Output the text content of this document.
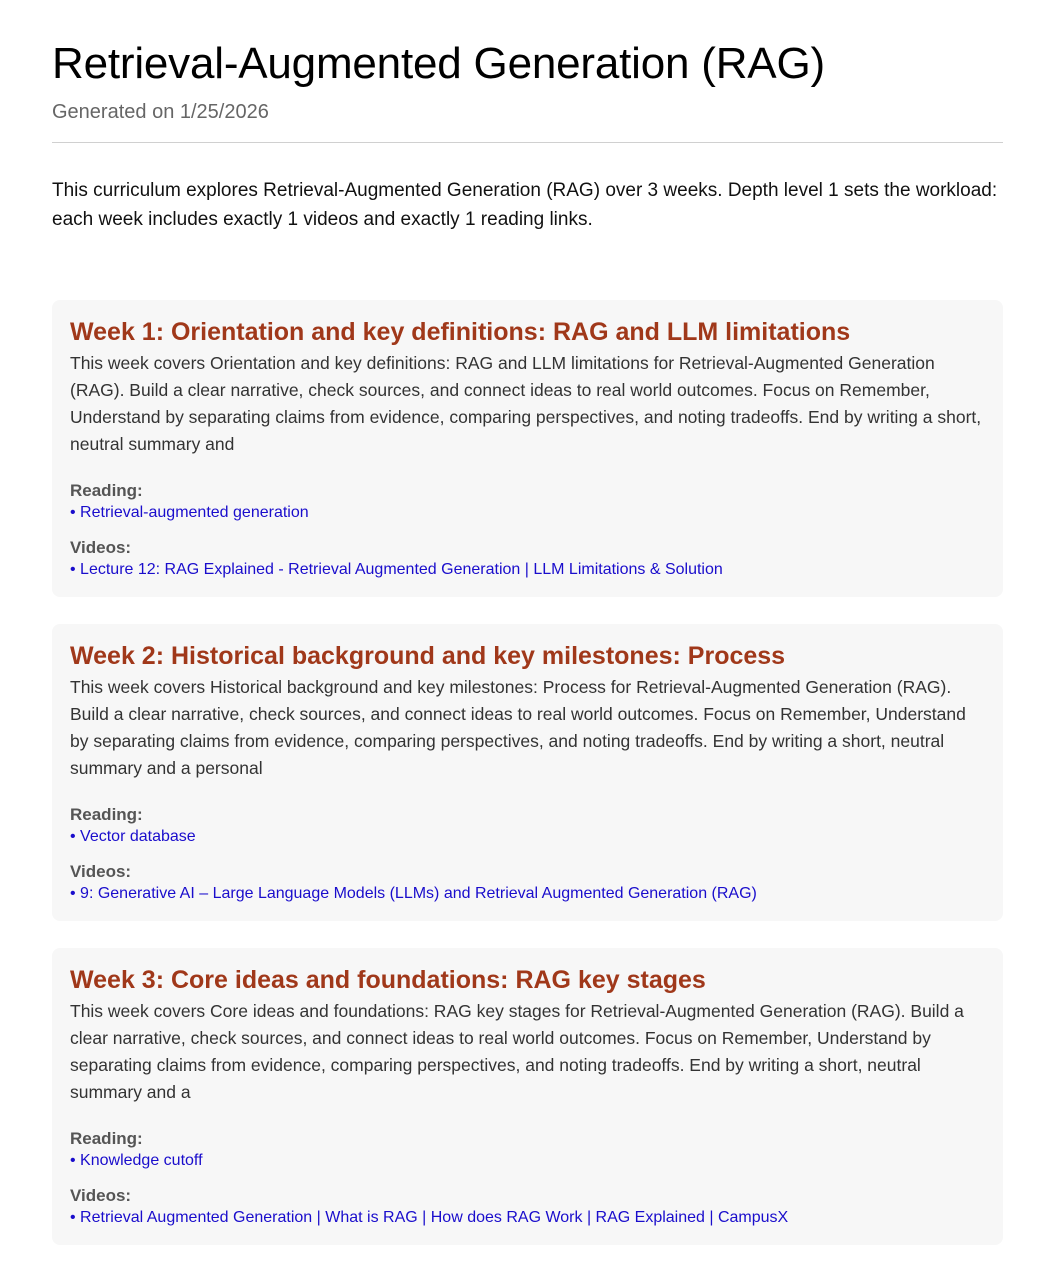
Retrieval-Augmented Generation (RAG)
Generated on 1/25/2026

This curriculum explores Retrieval-Augmented Generation (RAG) over 3 weeks. Depth level 1 sets the workload: each week includes exactly 1 videos and exactly 1 reading links.

Week 1: Orientation and key definitions: RAG and LLM limitations
This week covers Orientation and key definitions: RAG and LLM limitations for Retrieval-Augmented Generation (RAG). Build a clear narrative, check sources, and connect ideas to real world outcomes. Focus on Remember, Understand by separating claims from evidence, comparing perspectives, and noting tradeoffs. End by writing a short, neutral summary and
Reading:
• Retrieval-augmented generation
Videos:
• Lecture 12: RAG Explained - Retrieval Augmented Generation | LLM Limitations & Solution
Week 2: Historical background and key milestones: Process
This week covers Historical background and key milestones: Process for Retrieval-Augmented Generation (RAG). Build a clear narrative, check sources, and connect ideas to real world outcomes. Focus on Remember, Understand by separating claims from evidence, comparing perspectives, and noting tradeoffs. End by writing a short, neutral summary and a personal
Reading:
• Vector database
Videos:
• 9: Generative AI – Large Language Models (LLMs) and Retrieval Augmented Generation (RAG)
Week 3: Core ideas and foundations: RAG key stages
This week covers Core ideas and foundations: RAG key stages for Retrieval-Augmented Generation (RAG). Build a clear narrative, check sources, and connect ideas to real world outcomes. Focus on Remember, Understand by separating claims from evidence, comparing perspectives, and noting tradeoffs. End by writing a short, neutral summary and a
Reading:
• Knowledge cutoff
Videos:
• Retrieval Augmented Generation | What is RAG | How does RAG Work | RAG Explained | CampusX
